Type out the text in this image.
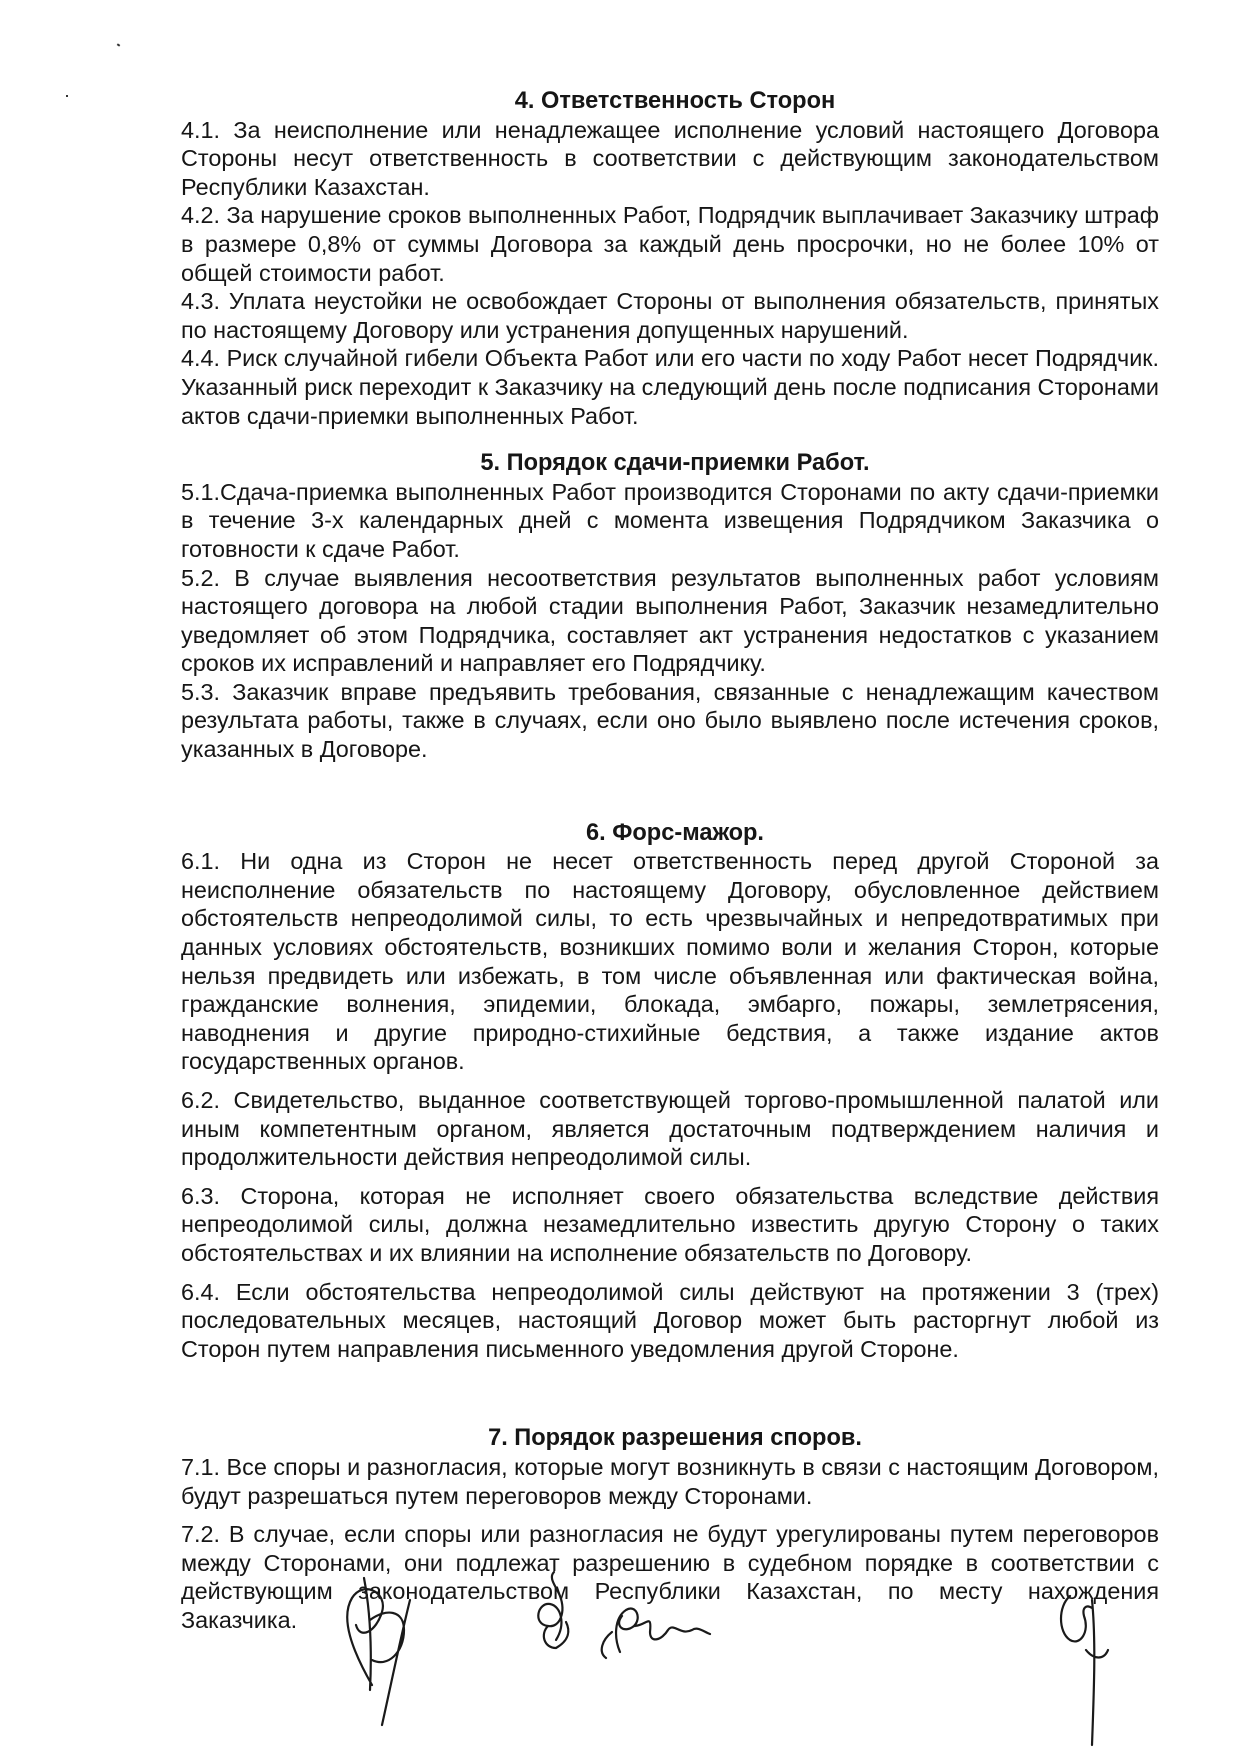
4. Ответственность Сторон

4.1. За неисполнение или ненадлежащее исполнение условий настоящего Договора Стороны несут ответственность в соответствии с действующим законодательством Республики Казахстан.

4.2. За нарушение сроков выполненных Работ, Подрядчик выплачивает Заказчику штраф в размере 0,8% от суммы Договора за каждый день просрочки, но не более 10% от общей стоимости работ.

4.3. Уплата неустойки не освобождает Стороны от выполнения обязательств, принятых по настоящему Договору или устранения допущенных нарушений.

4.4. Риск случайной гибели Объекта Работ или его части по ходу Работ несет Подрядчик. Указанный риск переходит к Заказчику на следующий день после подписания Сторонами актов сдачи-приемки выполненных Работ.

5. Порядок сдачи-приемки Работ.

5.1.Сдача-приемка выполненных Работ производится Сторонами по акту сдачи-приемки в течение 3-х календарных дней с момента извещения Подрядчиком Заказчика о готовности к сдаче Работ.

5.2. В случае выявления несоответствия результатов выполненных работ условиям настоящего договора на любой стадии выполнения Работ, Заказчик незамедлительно уведомляет об этом Подрядчика, составляет акт устранения недостатков с указанием сроков их исправлений и направляет его Подрядчику.

5.3. Заказчик вправе предъявить требования, связанные с ненадлежащим качеством результата работы, также в случаях, если оно было выявлено после истечения сроков, указанных в Договоре.

6. Форс-мажор.

6.1. Ни одна из Сторон не несет ответственность перед другой Стороной за неисполнение обязательств по настоящему Договору, обусловленное действием обстоятельств непреодолимой силы, то есть чрезвычайных и непредотвратимых при данных условиях обстоятельств, возникших помимо воли и желания Сторон, которые нельзя предвидеть или избежать, в том числе объявленная или фактическая война, гражданские волнения, эпидемии, блокада, эмбарго, пожары, землетрясения, наводнения и другие природно-стихийные бедствия, а также издание актов государственных органов.

6.2. Свидетельство, выданное соответствующей торгово-промышленной палатой или иным компетентным органом, является достаточным подтверждением наличия и продолжительности действия непреодолимой силы.

6.3. Сторона, которая не исполняет своего обязательства вследствие действия непреодолимой силы, должна незамедлительно известить другую Сторону о таких обстоятельствах и их влиянии на исполнение обязательств по Договору.

6.4. Если обстоятельства непреодолимой силы действуют на протяжении 3 (трех) последовательных месяцев, настоящий Договор может быть расторгнут любой из Сторон путем направления письменного уведомления другой Стороне.

7. Порядок разрешения споров.

7.1. Все споры и разногласия, которые могут возникнуть в связи с настоящим Договором, будут разрешаться путем переговоров между Сторонами.

7.2. В случае, если споры или разногласия не будут урегулированы путем переговоров между Сторонами, они подлежат разрешению в судебном порядке в соответствии с действующим законодательством Республики Казахстан, по месту нахождения Заказчика.
